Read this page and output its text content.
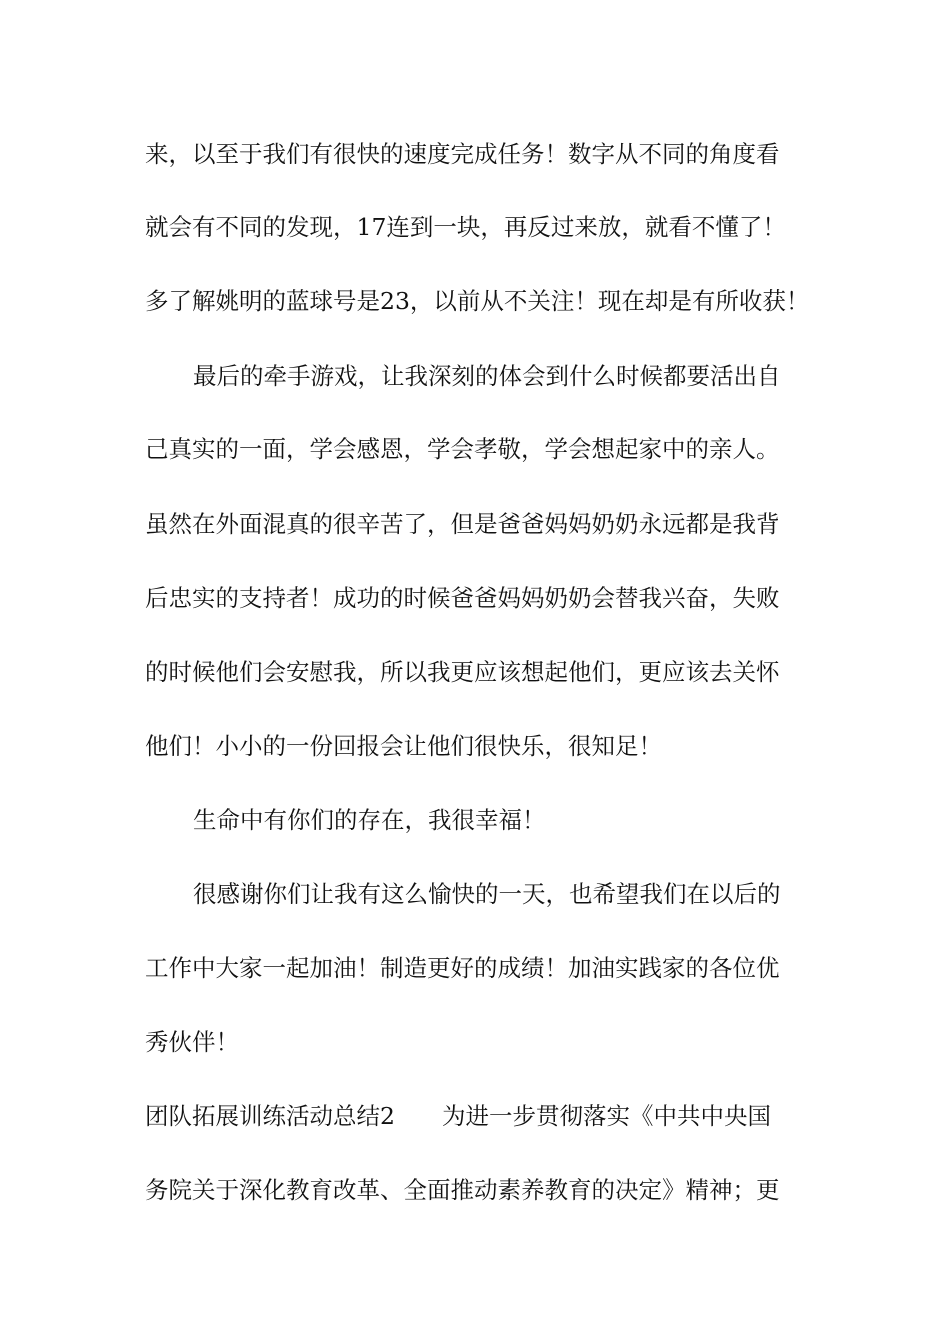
来，以至于我们有很快的速度完成任务！数字从不同的角度看
就会有不同的发现，17连到一块，再反过来放，就看不懂了！
多了解姚明的蓝球号是23，以前从不关注！现在却是有所收获！
最后的牵手游戏，让我深刻的体会到什么时候都要活出自
己真实的一面，学会感恩，学会孝敬，学会想起家中的亲人。
虽然在外面混真的很辛苦了，但是爸爸妈妈奶奶永远都是我背
后忠实的支持者！成功的时候爸爸妈妈奶奶会替我兴奋，失败
的时候他们会安慰我，所以我更应该想起他们，更应该去关怀
他们！小小的一份回报会让他们很快乐，很知足！
生命中有你们的存在，我很幸福！
很感谢你们让我有这么愉快的一天，也希望我们在以后的
工作中大家一起加油！制造更好的成绩！加油实践家的各位优
秀伙伴！
团队拓展训练活动总结2　　为进一步贯彻落实《中共中央国
务院关于深化教育改革、全面推动素养教育的决定》精神；更
